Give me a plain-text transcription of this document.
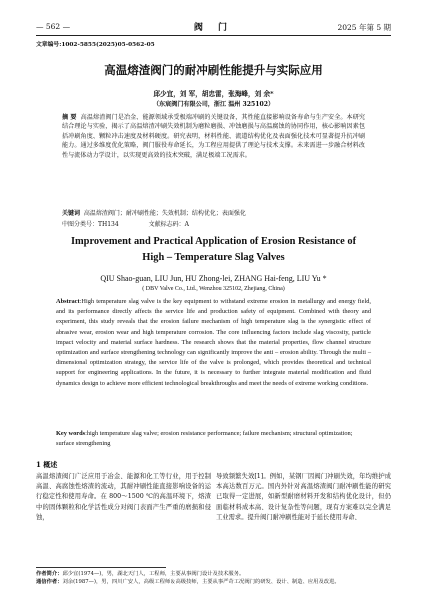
— 562 —	阀 门	2025 年第 5 期
文章编号:1002-5855(2025)05-0562-05
高温熔渣阀门的耐冲刷性能提升与实际应用
邱少宜，刘 军，胡忠雷，张海峰，刘 余*
（东宸阀门有限公司，浙江 温州 325102）
摘 要 高温熔渣阀门是冶金、能源领域承受极端冲刷的关键设备，其性能直接影响设备寿命与生产安全。本研究结合理论与实验，揭示了高温熔渣冲刷失效机制为磨粒磨损、冲蚀磨损与高温腐蚀的协同作用，核心影响因素包括冲刷角度、颗粒冲击速度及材料硬度。研究表明，材料性能、流道结构优化及表面强化技术可显著提升抗冲刷能力。通过多维度优化策略，阀门服役寿命延长，为工程应用提供了理论与技术支撑。未来需进一步融合材料改性与流体动力学设计，以实现更高效的技术突破，满足极端工况需求。
关键词 高温熔渣阀门；耐冲刷性能；失效机制；结构优化；表面强化
中图分类号：TH134	文献标志码：A
Improvement and Practical Application of Erosion Resistance of
High – Temperature Slag Valves
QIU Shao-guan, LIU Jun, HU Zhong-lei, ZHANG Hai-feng, LIU Yu *
( DBV Valve Co., Ltd., Wenzhou 325102, Zhejiang, China)
Abstract:High temperature slag valve is the key equipment to withstand extreme erosion in metallurgy and energy field, and its performance directly affects the service life and production safety of equipment. Combined with theory and experiment, this study reveals that the erosion failure mechanism of high temperature slag is the synergistic effect of abrasive wear, erosion wear and high temperature corrosion. The core influencing factors include slag viscosity, particle impact velocity and material surface hardness. The research shows that the material properties, flow channel structure optimization and surface strengthening technology can significantly improve the anti – erosion ability. Through the multi – dimensional optimization strategy, the service life of the valve is prolonged, which provides theoretical and technical support for engineering applications. In the future, it is necessary to further integrate material modification and fluid dynamics design to achieve more efficient technological breakthroughs and meet the needs of extreme working conditions.
Key words:high temperature slag valve; erosion resistance performance; failure mechanism; structural optimization; surface strengthening
1 概述
高温熔渣阀门广泛应用于冶金、能源和化工等行业，用于控制高温、高腐蚀性熔渣的流动，其耐冲刷性能直接影响设备的运行稳定性和使用寿命。在 800～1500 ℃的高温环境下，熔渣中的固体颗粒和化学活性成分对阀门表面产生严重的磨损和侵蚀，
导致频繁失效[1]。例如，某钢厂因阀门冲刷失效，年均维护成本高达数百万元。国内外针对高温熔渣阀门耐冲刷性能的研究已取得一定进展，如新型耐磨材料开发和结构优化设计，但仍面临材料成本高、设计复杂性等问题，现有方案难以完全满足工业需求。提升阀门耐冲刷性能对于延长使用寿命、
作者简介：邱少宜(1974—)，男，湖北天门人，工程师，主要从事阀门设计及技术服务。
通信作者：刘余(1987—)，男，四川广安人，高级工程师＆高级技师，主要从事严苛工况阀门的研发、设计、制造、应用及改进。
